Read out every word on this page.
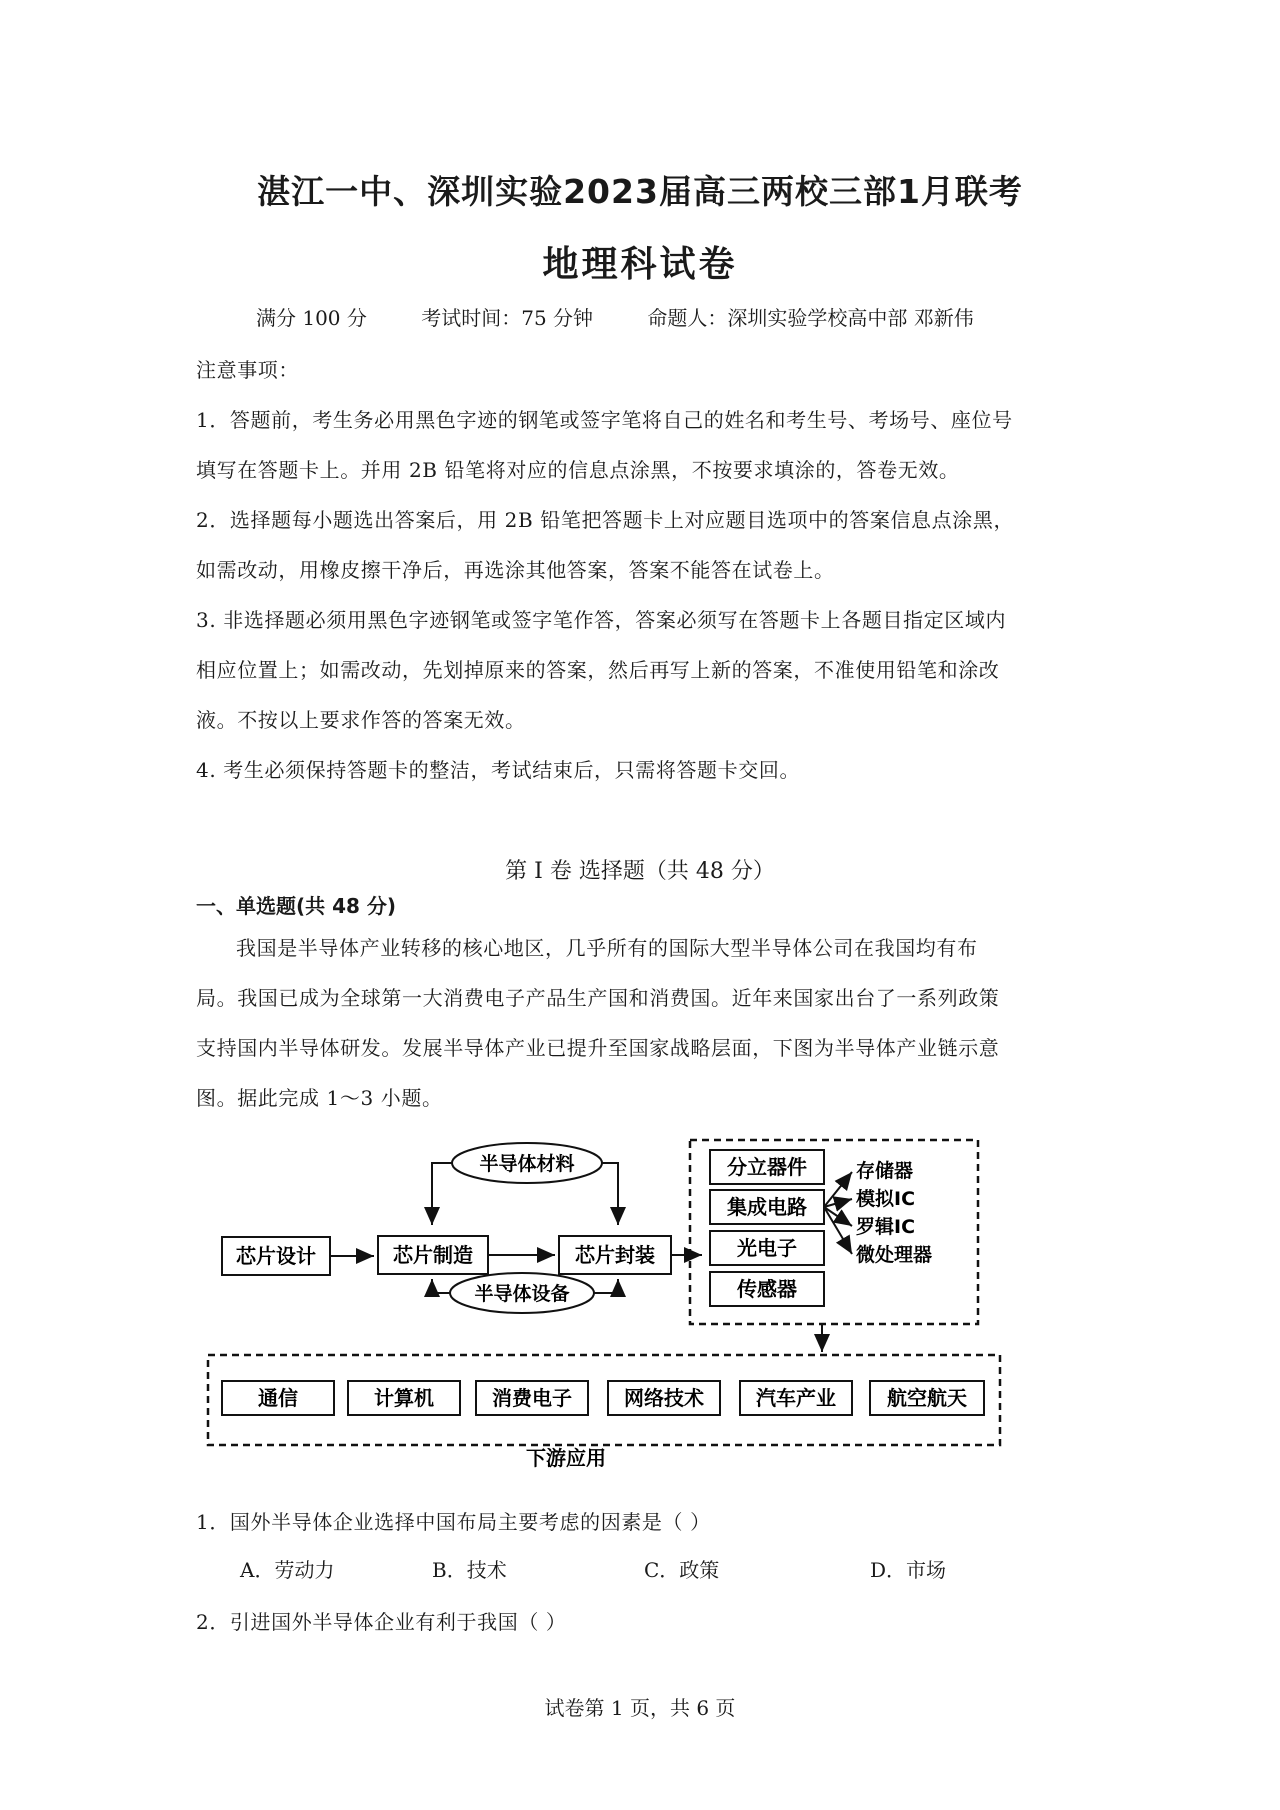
湛江一中、深圳实验2023届高三两校三部1月联考
地理科试卷
满分 100 分	考试时间：75 分钟	命题人：深圳实验学校高中部 邓新伟
注意事项：
1．答题前，考生务必用黑色字迹的钢笔或签字笔将自己的姓名和考生号、考场号、座位号
填写在答题卡上。并用 2B 铅笔将对应的信息点涂黑，不按要求填涂的，答卷无效。
2．选择题每小题选出答案后，用 2B 铅笔把答题卡上对应题目选项中的答案信息点涂黑，
如需改动，用橡皮擦干净后，再选涂其他答案，答案不能答在试卷上。
3. 非选择题必须用黑色字迹钢笔或签字笔作答，答案必须写在答题卡上各题目指定区域内
相应位置上；如需改动，先划掉原来的答案，然后再写上新的答案，不准使用铅笔和涂改
液。不按以上要求作答的答案无效。
4. 考生必须保持答题卡的整洁，考试结束后，只需将答题卡交回。
第 I 卷 选择题（共 48 分）
一、单选题(共 48 分)
我国是半导体产业转移的核心地区，几乎所有的国际大型半导体公司在我国均有布
局。我国已成为全球第一大消费电子产品生产国和消费国。近年来国家出台了一系列政策
支持国内半导体研发。发展半导体产业已提升至国家战略层面，下图为半导体产业链示意
图。据此完成 1～3 小题。
半导体材料
芯片设计	芯片制造	芯片封装
半导体设备
分立器件
集成电路
光电子
传感器
存储器
模拟IC
罗辑IC
微处理器
通信	计算机	消费电子	网络技术	汽车产业	航空航天
下游应用
1．国外半导体企业选择中国布局主要考虑的因素是（ ）
A．劳动力	B．技术	C．政策	D．市场
2．引进国外半导体企业有利于我国（ ）
试卷第 1 页，共 6 页
